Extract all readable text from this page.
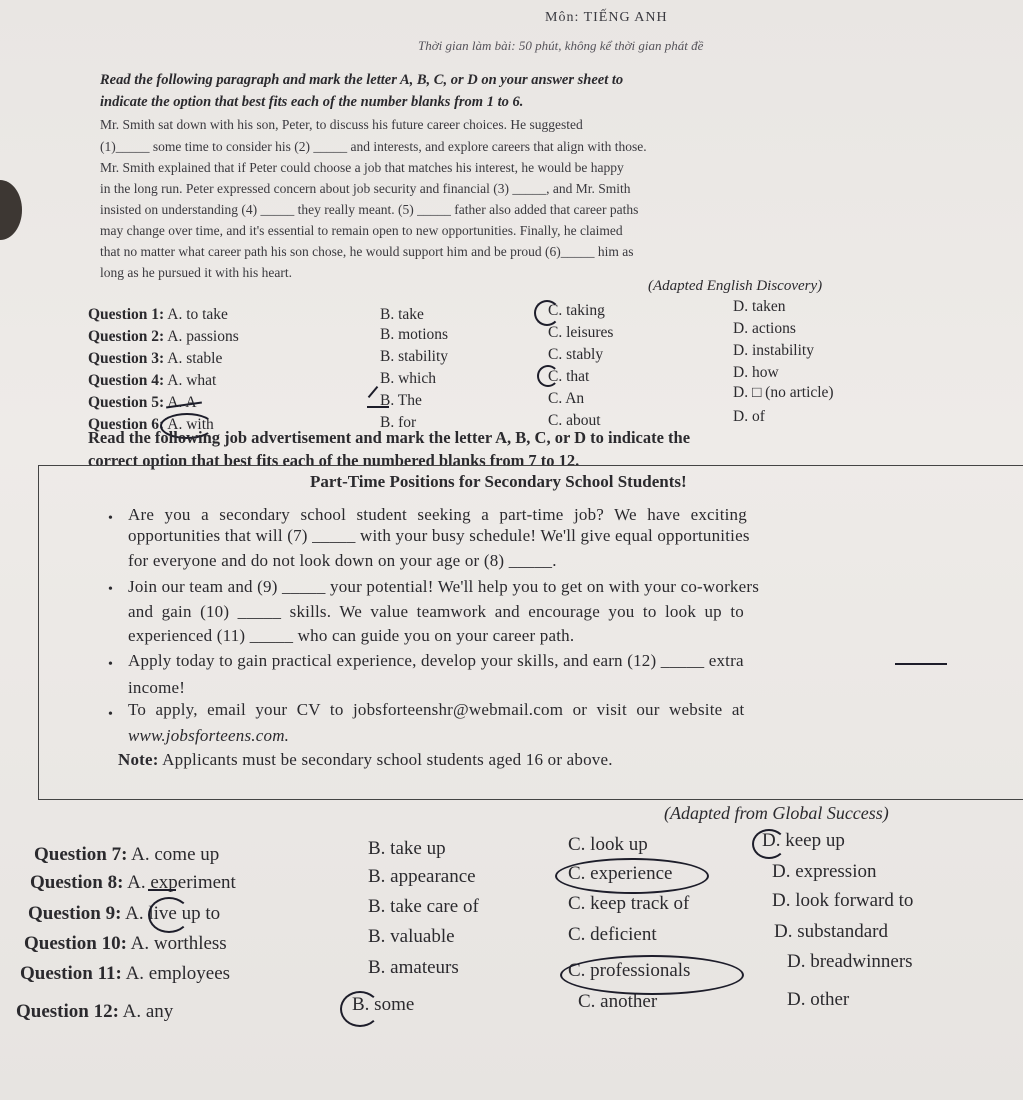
Môn: TIẾNG ANH
Thời gian làm bài: 50 phút, không kể thời gian phát đề
Read the following paragraph and mark the letter A, B, C, or D on your answer sheet to
indicate the option that best fits each of the number blanks from 1 to 6.
Mr. Smith sat down with his son, Peter, to discuss his future career choices. He suggested
(1)_____ some time to consider his (2) _____ and interests, and explore careers that align with those.
Mr. Smith explained that if Peter could choose a job that matches his interest, he would be happy
in the long run. Peter expressed concern about job security and financial (3) _____, and Mr. Smith
insisted on understanding (4) _____ they really meant. (5) _____ father also added that career paths
may change over time, and it's essential to remain open to new opportunities. Finally, he claimed
that no matter what career path his son chose, he would support him and be proud (6)_____ him as
long as he pursued it with his heart.
(Adapted English Discovery)
Question 1: A. to take	B. take	C. taking	D. taken
Question 2: A. passions	B. motions	C. leisures	D. actions
Question 3: A. stable	B. stability	C. stably	D. instability
Question 4: A. what	B. which	C. that	D. how
Question 5: A. A	B. The	C. An	D. □ (no article)
Question 6: A. with	B. for	C. about	D. of
Read the following job advertisement and mark the letter A, B, C, or D to indicate the
correct option that best fits each of the numbered blanks from 7 to 12.
Part-Time Positions for Secondary School Students!
• Are you a secondary school student seeking a part-time job? We have exciting
opportunities that will (7) _____ with your busy schedule! We'll give equal opportunities
for everyone and do not look down on your age or (8) _____.
• Join our team and (9) _____ your potential! We'll help you to get on with your co-workers
and gain (10) _____ skills. We value teamwork and encourage you to look up to
experienced (11) _____ who can guide you on your career path.
• Apply today to gain practical experience, develop your skills, and earn (12) _____ extra
income!
• To apply, email your CV to jobsforteenshr@webmail.com or visit our website at
www.jobsforteens.com.
Note: Applicants must be secondary school students aged 16 or above.
(Adapted from Global Success)
Question 7: A. come up	B. take up	C. look up	D. keep up
Question 8: A. experiment	B. appearance	C. experience	D. expression
Question 9: A. live up to	B. take care of	C. keep track of	D. look forward to
Question 10: A. worthless	B. valuable	C. deficient	D. substandard
Question 11: A. employees	B. amateurs	C. professionals	D. breadwinners
Question 12: A. any	B. some	C. another	D. other
